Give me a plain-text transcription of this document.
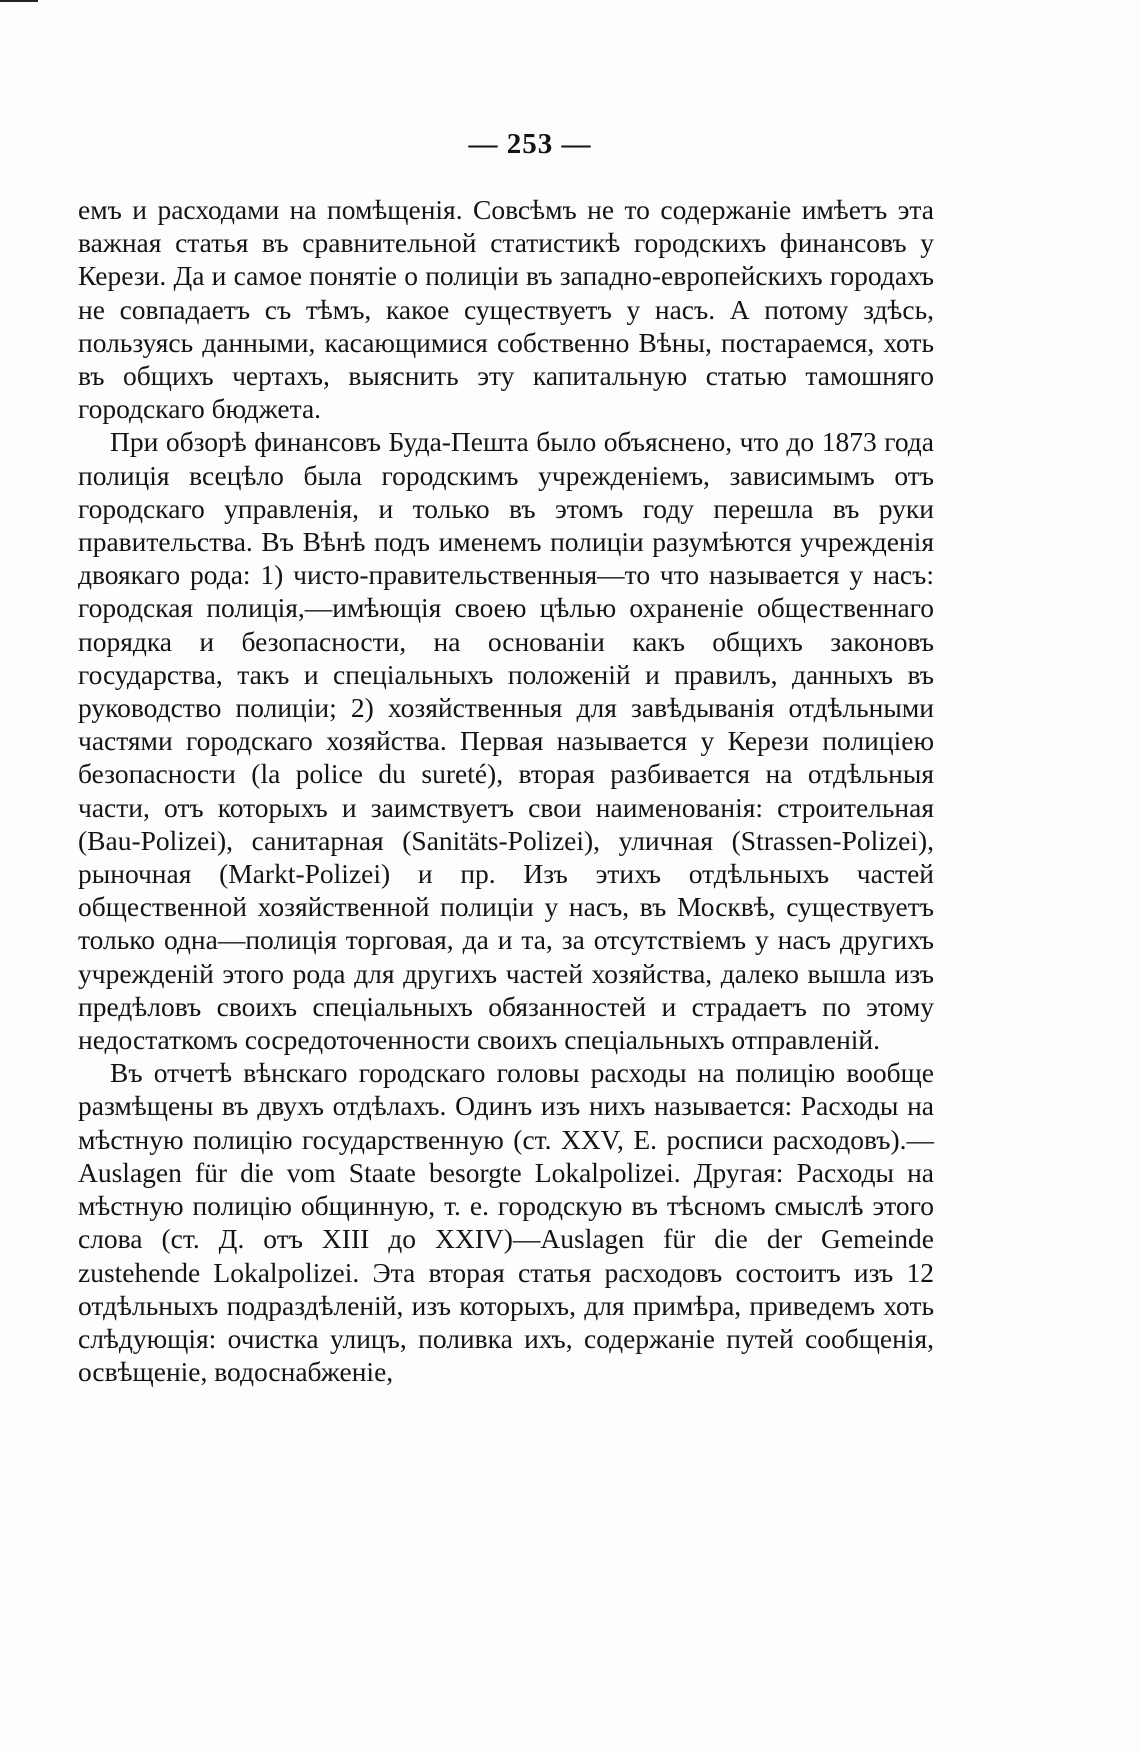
— 253 —

емъ и расходами на помѣщенія. Совсѣмъ не то содержаніе имѣетъ эта важная статья въ сравнительной статистикѣ городскихъ финансовъ у Керези. Да и самое понятіе о полиціи въ западно-европейскихъ городахъ не совпадаетъ съ тѣмъ, какое существуетъ у насъ. А потому здѣсь, пользуясь данными, касающимися собственно Вѣны, постараемся, хоть въ общихъ чертахъ, выяснить эту капитальную статью тамошняго городскаго бюджета.

При обзорѣ финансовъ Буда-Пешта было объяснено, что до 1873 года полиція всецѣло была городскимъ учрежденіемъ, зависимымъ отъ городскаго управленія, и только въ этомъ году перешла въ руки правительства. Въ Вѣнѣ подъ именемъ полиціи разумѣются учрежденія двоякаго рода: 1) чисто-правительственныя—то что называется у насъ: городская полиція,—имѣющія своею цѣлью охраненіе общественнаго порядка и безопасности, на основаніи какъ общихъ законовъ государства, такъ и спеціальныхъ положеній и правилъ, данныхъ въ руководство полиціи; 2) хозяйственныя для завѣдыванія отдѣльными частями городскаго хозяйства. Первая называется у Керези полиціею безопасности (la police du sureté), вторая разбивается на отдѣльныя части, отъ которыхъ и заимствуетъ свои наименованія: строительная (Bau-Polizei), санитарная (Sanitäts-Polizei), уличная (Strassen-Polizei), рыночная (Markt-Polizei) и пр. Изъ этихъ отдѣльныхъ частей общественной хозяйственной полиціи у насъ, въ Москвѣ, существуетъ только одна—полиція торговая, да и та, за отсутствіемъ у насъ другихъ учрежденій этого рода для другихъ частей хозяйства, далеко вышла изъ предѣловъ своихъ спеціальныхъ обязанностей и страдаетъ по этому недостаткомъ сосредоточенности своихъ спеціальныхъ отправленій.

Въ отчетѣ вѣнскаго городскаго головы расходы на полицію вообще размѣщены въ двухъ отдѣлахъ. Одинъ изъ нихъ называется: Расходы на мѣстную полицію государственную (ст. XXV, Е. росписи расходовъ).—Auslagen für die vom Staate besorgte Lokalpolizei. Другая: Расходы на мѣстную полицію общинную, т. е. городскую въ тѣсномъ смыслѣ этого слова (ст. Д. отъ XIII до XXIV)—Auslagen für die der Gemeinde zustehende Lokalpolizei. Эта вторая статья расходовъ состоитъ изъ 12 отдѣльныхъ подраздѣленій, изъ которыхъ, для примѣра, приведемъ хоть слѣдующія: очистка улицъ, поливка ихъ, содержаніе путей сообщенія, освѣщеніе, водоснабженіе,
